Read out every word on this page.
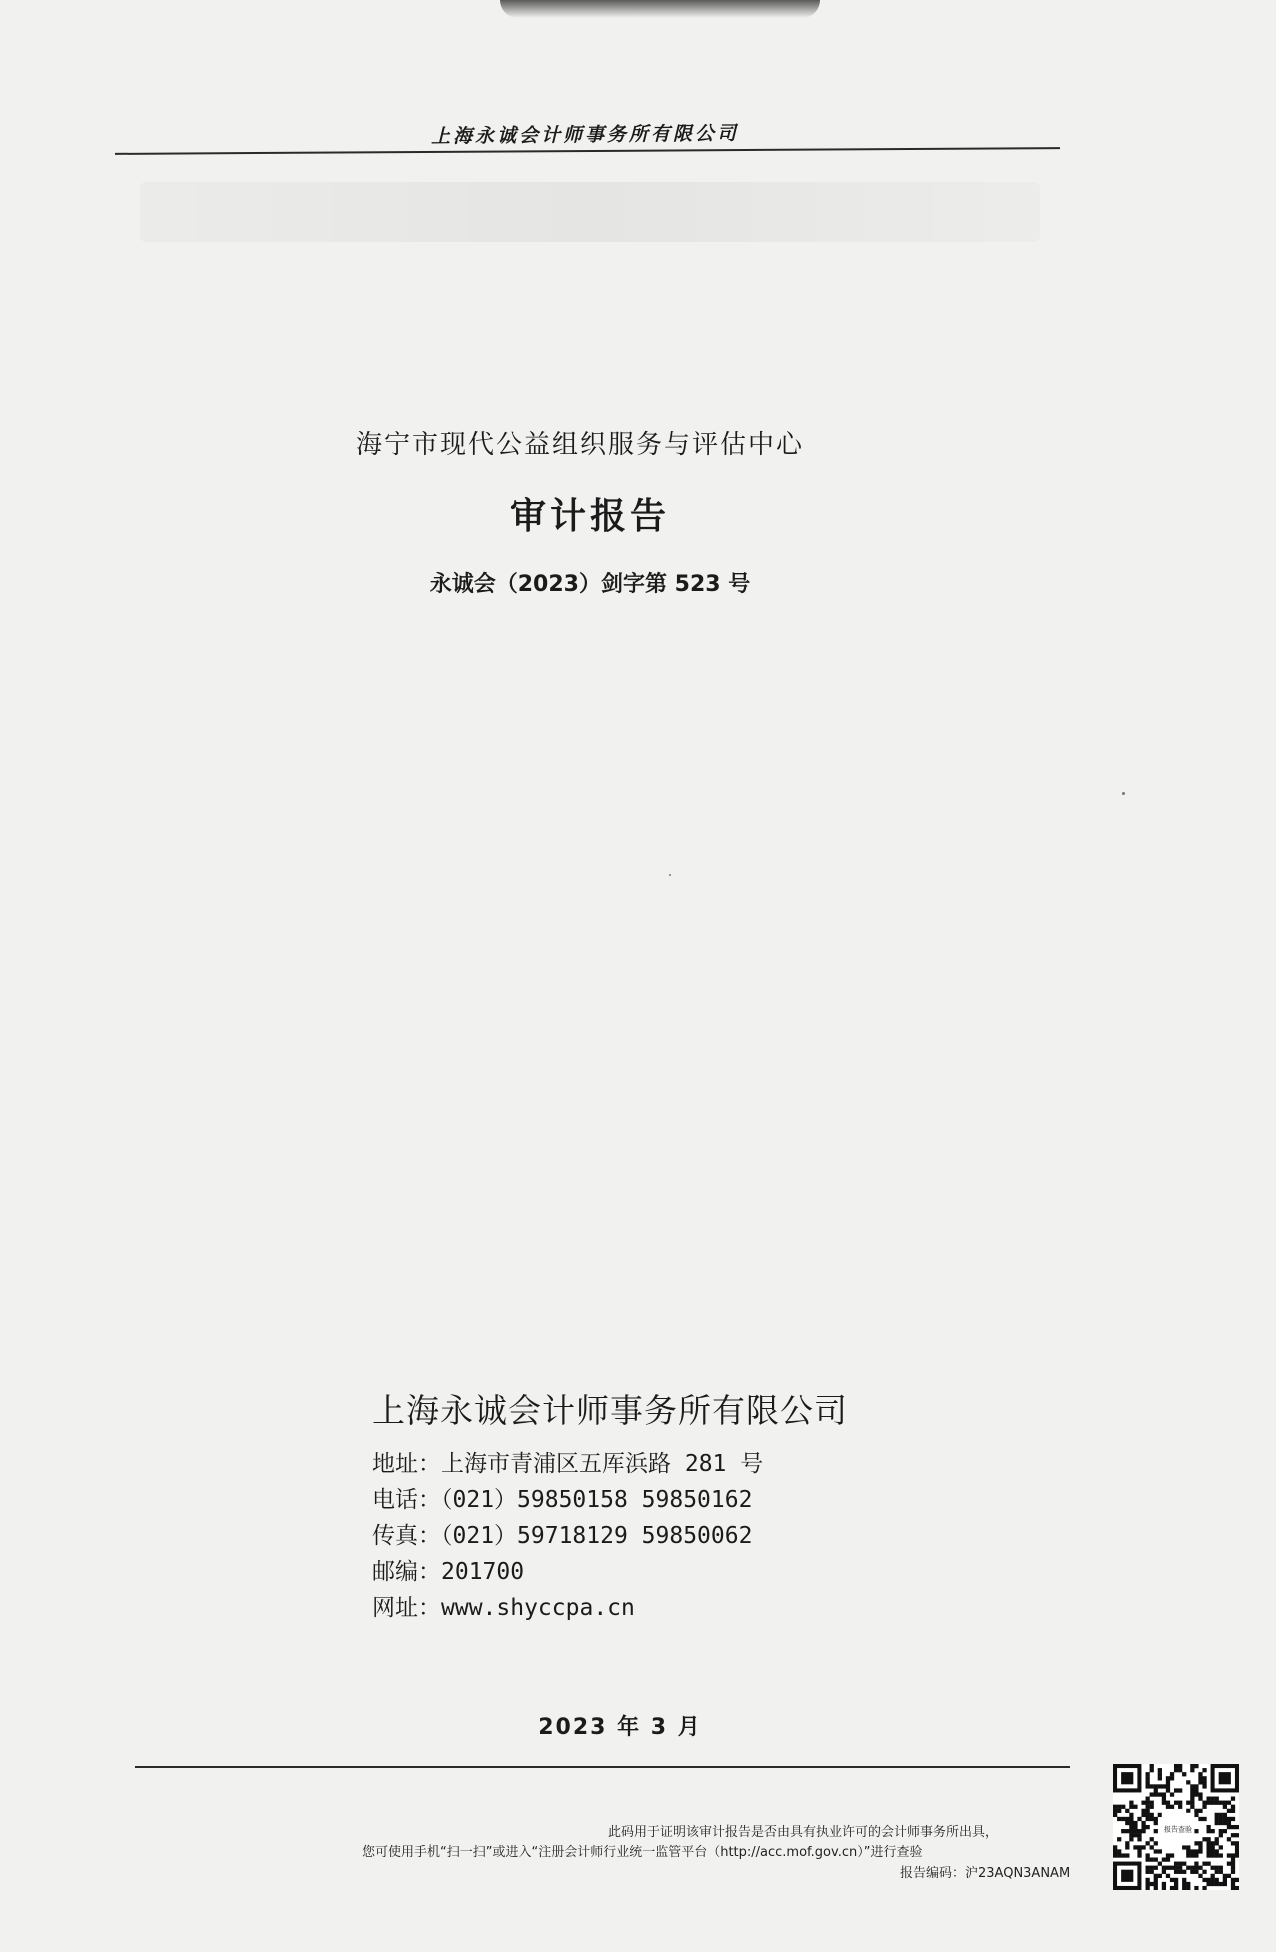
上海永诚会计师事务所有限公司
海宁市现代公益组织服务与评估中心
审计报告
永诚会（2023）剑字第 523 号
上海永诚会计师事务所有限公司
地址：上海市青浦区五厍浜路 281 号
电话：（021）59850158 59850162
传真：（021）59718129 59850062
邮编：201700
网址：www.shyccpa.cn
2023 年 3 月
此码用于证明该审计报告是否由具有执业许可的会计师事务所出具，
您可使用手机“扫一扫”或进入“注册会计师行业统一监管平台（http://acc.mof.gov.cn）”进行查验
报告编码：沪23AQN3ANAM
报告查验
